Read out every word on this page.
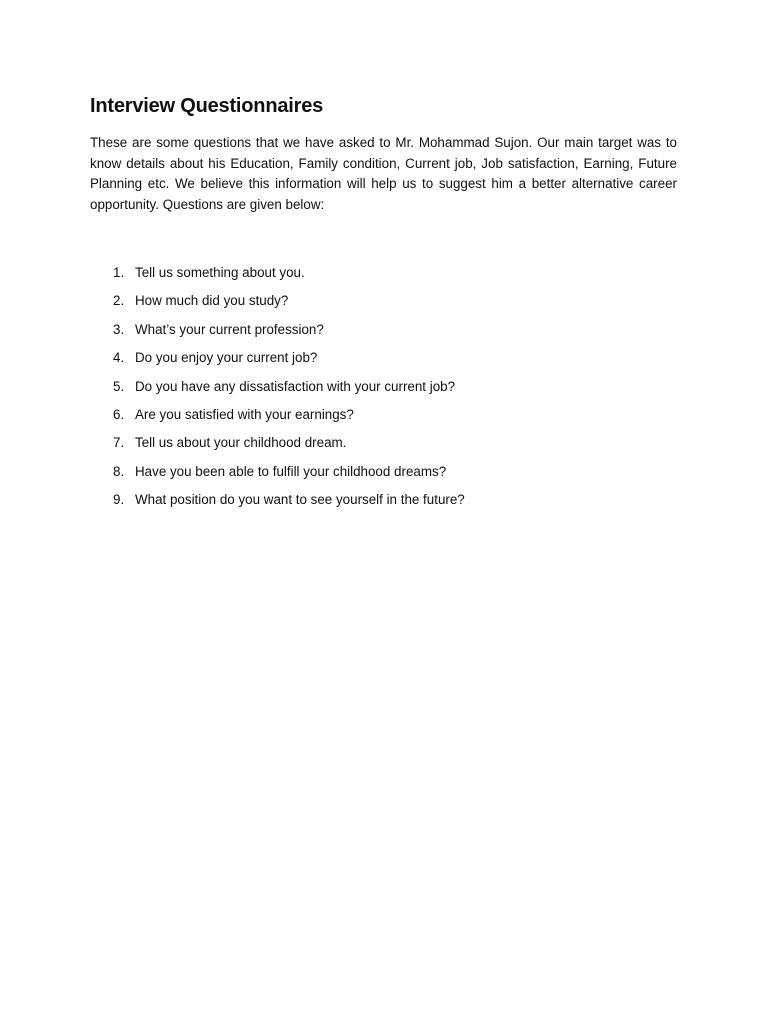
Interview Questionnaires

These are some questions that we have asked to Mr. Mohammad Sujon. Our main target was to know details about his Education, Family condition, Current job, Job satisfaction, Earning, Future Planning etc. We believe this information will help us to suggest him a better alternative career opportunity. Questions are given below:

1. Tell us something about you.
2. How much did you study?
3. What’s your current profession?
4. Do you enjoy your current job?
5. Do you have any dissatisfaction with your current job?
6. Are you satisfied with your earnings?
7. Tell us about your childhood dream.
8. Have you been able to fulfill your childhood dreams?
9. What position do you want to see yourself in the future?
